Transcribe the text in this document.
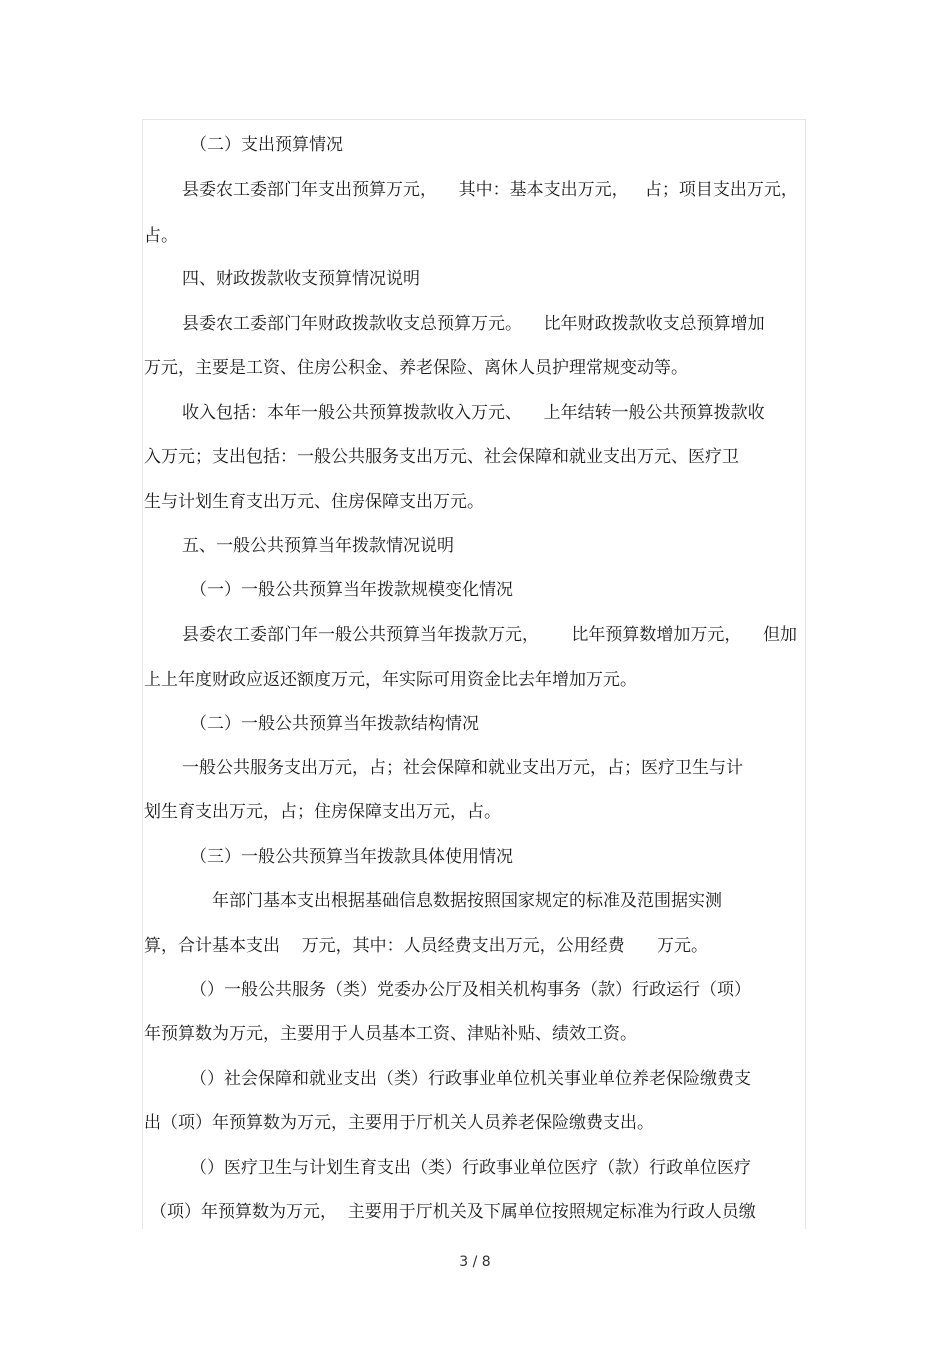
（二）支出预算情况
县委农工委部门年支出预算万元，    其中：基本支出万元，   占；项目支出万元，
占。
四、财政拨款收支预算情况说明
县委农工委部门年财政拨款收支总预算万元。    比年财政拨款收支总预算增加
万元，主要是工资、住房公积金、养老保险、离休人员护理常规变动等。
收入包括：本年一般公共预算拨款收入万元、    上年结转一般公共预算拨款收
入万元；支出包括：一般公共服务支出万元、社会保障和就业支出万元、医疗卫
生与计划生育支出万元、住房保障支出万元。
五、一般公共预算当年拨款情况说明
（一）一般公共预算当年拨款规模变化情况
县委农工委部门年一般公共预算当年拨款万元，      比年预算数增加万元，    但加
上上年度财政应返还额度万元，年实际可用资金比去年增加万元。
（二）一般公共预算当年拨款结构情况
一般公共服务支出万元，占；社会保障和就业支出万元，占；医疗卫生与计
划生育支出万元，占；住房保障支出万元，占。
（三）一般公共预算当年拨款具体使用情况
年部门基本支出根据基础信息数据按照国家规定的标准及范围据实测
算，合计基本支出    万元，其中：人员经费支出万元，公用经费      万元。
（）一般公共服务（类）党委办公厅及相关机构事务（款）行政运行（项）
年预算数为万元，主要用于人员基本工资、津贴补贴、绩效工资。
（）社会保障和就业支出（类）行政事业单位机关事业单位养老保险缴费支
出（项）年预算数为万元，主要用于厅机关人员养老保险缴费支出。
（）医疗卫生与计划生育支出（类）行政事业单位医疗（款）行政单位医疗
（项）年预算数为万元，  主要用于厅机关及下属单位按照规定标准为行政人员缴
3 / 8
